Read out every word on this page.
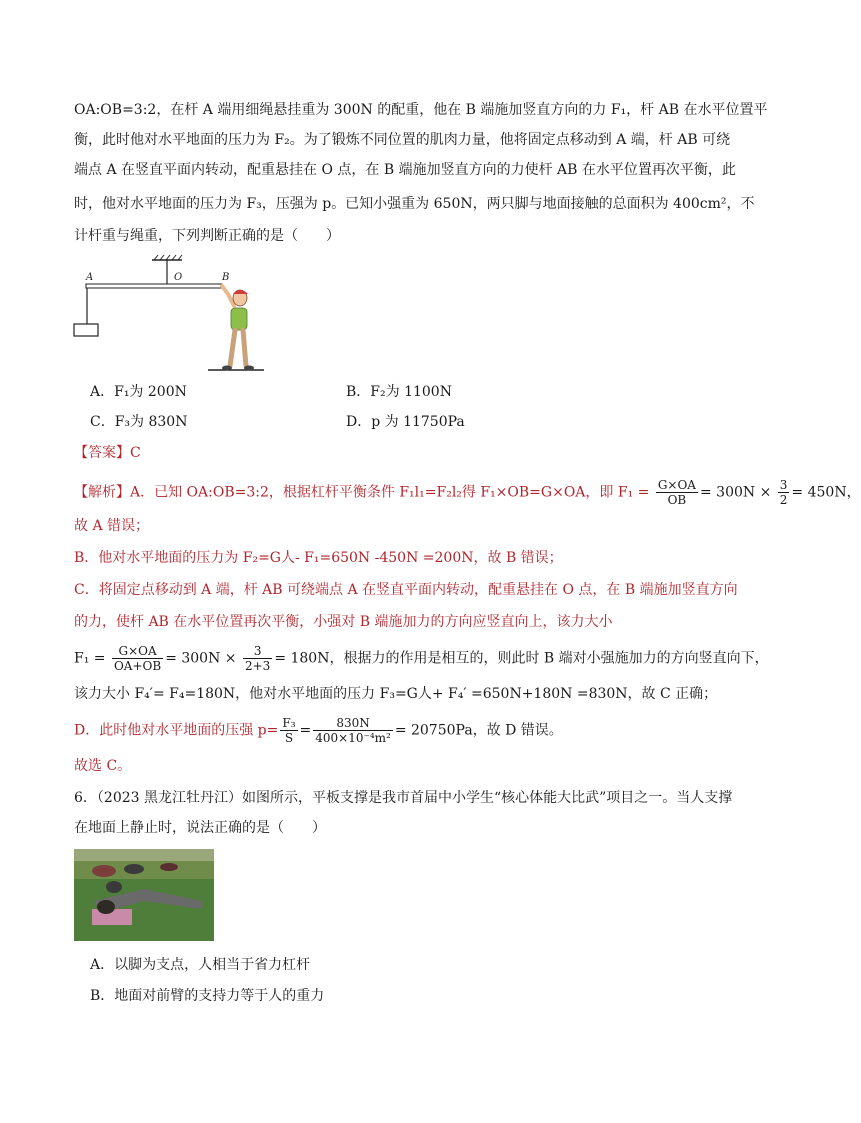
OA:OB=3:2，在杆 A 端用细绳悬挂重为 300N 的配重，他在 B 端施加竖直方向的力 F₁，杆 AB 在水平位置平
衡，此时他对水平地面的压力为 F₂。为了锻炼不同位置的肌肉力量，他将固定点移动到 A 端，杆 AB 可绕
端点 A 在竖直平面内转动，配重悬挂在 O 点，在 B 端施加竖直方向的力使杆 AB 在水平位置再次平衡，此
时，他对水平地面的压力为 F₃，压强为 p。已知小强重为 650N，两只脚与地面接触的总面积为 400cm²，不
计杆重与绳重，下列判断正确的是（　　）
A	O	B
A．F₁为 200N	B．F₂为 1100N
C．F₃为 830N	D．p 为 11750Pa
【答案】C
【解析】A．已知 OA:OB=3:2，根据杠杆平衡条件 F₁l₁=F₂l₂得 F₁×OB=G×OA，即 $F_1 = \frac{G\times OA}{OB} = 300N \times \frac{3}{2} = 450N$，
故 A 错误；
B．他对水平地面的压力为 F₂=G人- F₁=650N -450N =200N，故 B 错误；
C．将固定点移动到 A 端，杆 AB 可绕端点 A 在竖直平面内转动，配重悬挂在 O 点，在 B 端施加竖直方向
的力，使杆 AB 在水平位置再次平衡，小强对 B 端施加力的方向应竖直向上，该力大小
$F_1 = \frac{G\times OA}{OA+OB} = 300N \times \frac{3}{2+3} = 180N$，根据力的作用是相互的，则此时 B 端对小强施加力的方向竖直向下，
该力大小 F₄′= F₄=180N，他对水平地面的压力 F₃=G人+ F₄′ =650N+180N =830N，故 C 正确；
D．此时他对水平地面的压强 $p= \frac{\text{F₃}}{S} = \frac{830N}{\text{400×10⁻⁴m²}} = 20750Pa$，故 D 错误。
故选 C。
6．（2023 黑龙江牡丹江）如图所示，平板支撑是我市首届中小学生“核心体能大比武”项目之一。当人支撑
在地面上静止时，说法正确的是（　　）
A．以脚为支点，人相当于省力杠杆
B．地面对前臂的支持力等于人的重力
